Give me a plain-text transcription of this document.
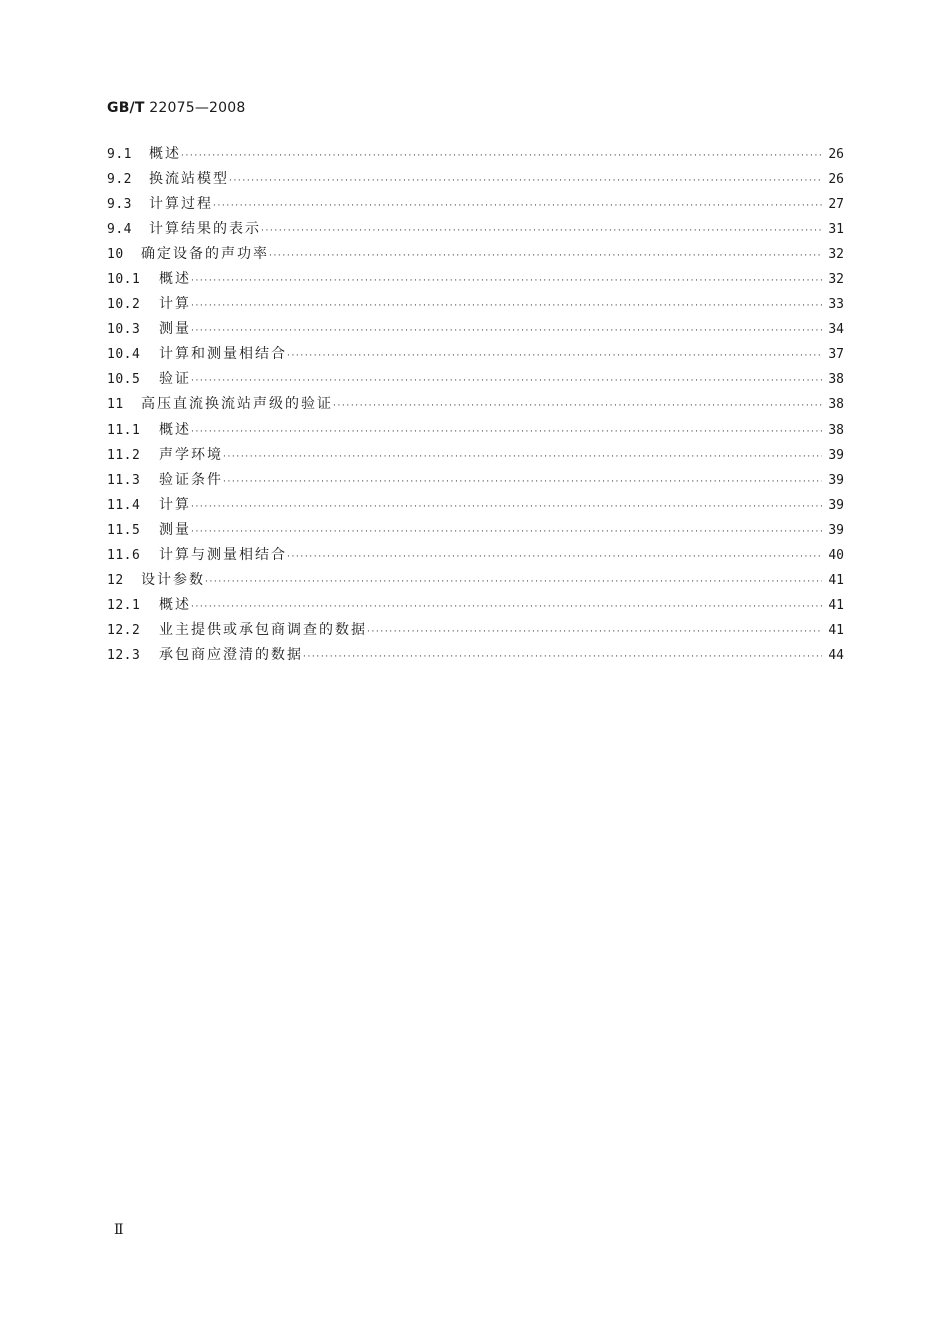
GB/T 22075—2008
9.1	概述 ·····	26
9.2	换流站模型 ·····	26
9.3	计算过程 ·····	27
9.4	计算结果的表示 ·····	31
10	确定设备的声功率 ·····	32
10.1	概述 ·····	32
10.2	计算 ·····	33
10.3	测量 ·····	34
10.4	计算和测量相结合 ·····	37
10.5	验证 ·····	38
11	高压直流换流站声级的验证 ·····	38
11.1	概述 ·····	38
11.2	声学环境 ·····	39
11.3	验证条件 ·····	39
11.4	计算 ·····	39
11.5	测量 ·····	39
11.6	计算与测量相结合 ·····	40
12	设计参数 ·····	41
12.1	概述 ·····	41
12.2	业主提供或承包商调查的数据 ·····	41
12.3	承包商应澄清的数据 ·····	44
Ⅱ
